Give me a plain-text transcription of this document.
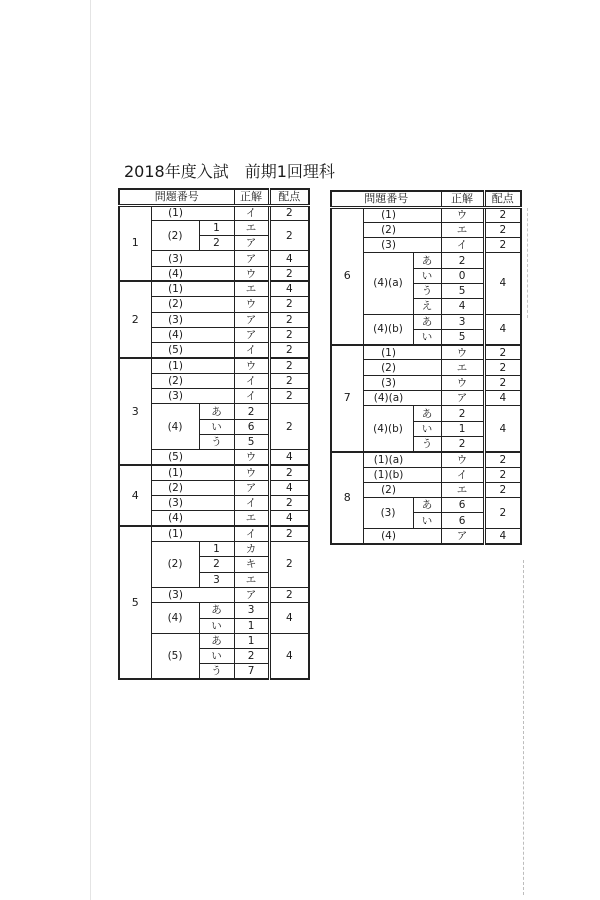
2018年度入試　前期1回理科
問題番号			正解	配点
1	(1)		イ	2
	(2)	1	エ	2
		2	ア	
	(3)		ア	4
	(4)		ウ	2
2	(1)		エ	4
	(2)		ウ	2
	(3)		ア	2
	(4)		ア	2
	(5)		イ	2
3	(1)		ウ	2
	(2)		イ	2
	(3)		イ	2
	(4)	あ	2	2
		い	6	
		う	5	
	(5)		ウ	4
4	(1)		ウ	2
	(2)		ア	4
	(3)		イ	2
	(4)		エ	4
5	(1)		イ	2
	(2)	1	カ	2
		2	キ	
		3	エ	
	(3)		ア	2
	(4)	あ	3	4
		い	1	
	(5)	あ	1	4
		い	2	
		う	7	
問題番号			正解	配点
6	(1)		ウ	2
	(2)		エ	2
	(3)		イ	2
	(4)(a)	あ	2	4
		い	0	
		う	5	
		え	4	
	(4)(b)	あ	3	4
		い	5	
7	(1)		ウ	2
	(2)		エ	2
	(3)		ウ	2
	(4)(a)		ア	4
	(4)(b)	あ	2	4
		い	1	
		う	2	
8	(1)(a)		ウ	2
	(1)(b)		イ	2
	(2)		エ	2
	(3)	あ	6	2
		い	6	
	(4)		ア	4
